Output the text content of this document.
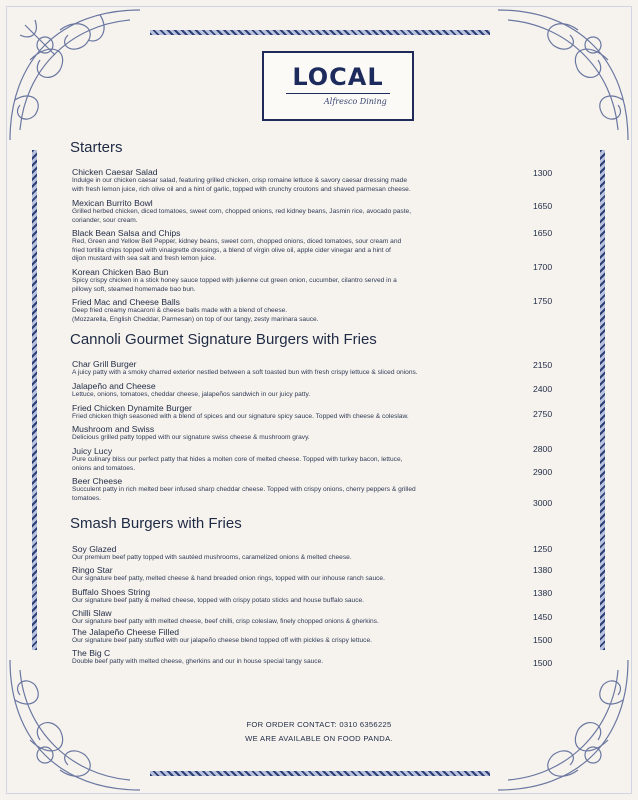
LOCAL
Alfresco Dining
Starters
Chicken Caesar Salad
Indulge in our chicken caesar salad, featuring grilled chicken, crisp romaine lettuce & savory caesar dressing made
with fresh lemon juice, rich olive oil and a hint of garlic, topped with crunchy croutons and shaved parmesan cheese.
1300
Mexican Burrito Bowl
Grilled herbed chicken, diced tomatoes, sweet corn, chopped onions, red kidney beans, Jasmin rice, avocado paste,
coriander, sour cream.
1650
Black Bean Salsa and Chips
Red, Green and Yellow Bell Pepper, kidney beans, sweet corn, chopped onions, diced tomatoes, sour cream and
fried tortilla chips topped with vinaigrette dressings, a blend of virgin olive oil, apple cider vinegar and a hint of
dijon mustard with sea salt and fresh lemon juice.
1650
Korean Chicken Bao Bun
Spicy crispy chicken in a stick honey sauce topped with julienne cut green onion, cucumber, cilantro served in a
pillowy soft, steamed homemade bao bun.
1700
Fried Mac and Cheese Balls
Deep fried creamy macaroni & cheese balls made with a blend of cheese.
(Mozzarella, English Cheddar, Parmesan) on top of our tangy, zesty marinara sauce.
1750
Cannoli Gourmet Signature Burgers with Fries
Char Grill Burger
A juicy patty with a smoky charred exterior nestled between a soft toasted bun with fresh crispy lettuce & sliced onions.
2150
Jalapeño and Cheese
Lettuce, onions, tomatoes, cheddar cheese, jalapeños sandwich in our juicy patty.
2400
Fried Chicken Dynamite Burger
Fried chicken thigh seasoned with a blend of spices and our signature spicy sauce. Topped with cheese & coleslaw.	2750
Mushroom and Swiss
Delicious grilled patty topped with our signature swiss cheese & mushroom gravy.
2800
Juicy Lucy
Pure culinary bliss our perfect patty that hides a molten core of melted cheese. Topped with turkey bacon, lettuce,
onions and tomatoes.	2900
Beer Cheese
Succulent patty in rich melted beer infused sharp cheddar cheese. Topped with crispy onions, cherry peppers & grilled
tomatoes.	3000
Smash Burgers with Fries
Soy Glazed
Our premium beef patty topped with sautéed mushrooms, caramelized onions & melted cheese.
1250
Ringo Star
Our signature beef patty, melted cheese & hand breaded onion rings, topped with our inhouse ranch sauce.
1380
Buffalo Shoes String
Our signature beef patty & melted cheese, topped with crispy potato sticks and house buffalo sauce.
1380
Chilli Slaw
Our signature beef patty with melted cheese, beef chilli, crisp coleslaw, finely chopped onions & gherkins.	1450
The Jalapeño Cheese Filled
Our signature beef patty stuffed with our jalapeño cheese blend topped off with pickles & crispy lettuce.	1500
The Big C
Double beef patty with melted cheese, gherkins and our in house special tangy sauce.	1500
FOR ORDER CONTACT: 0310 6356225
WE ARE AVAILABLE ON FOOD PANDA.
